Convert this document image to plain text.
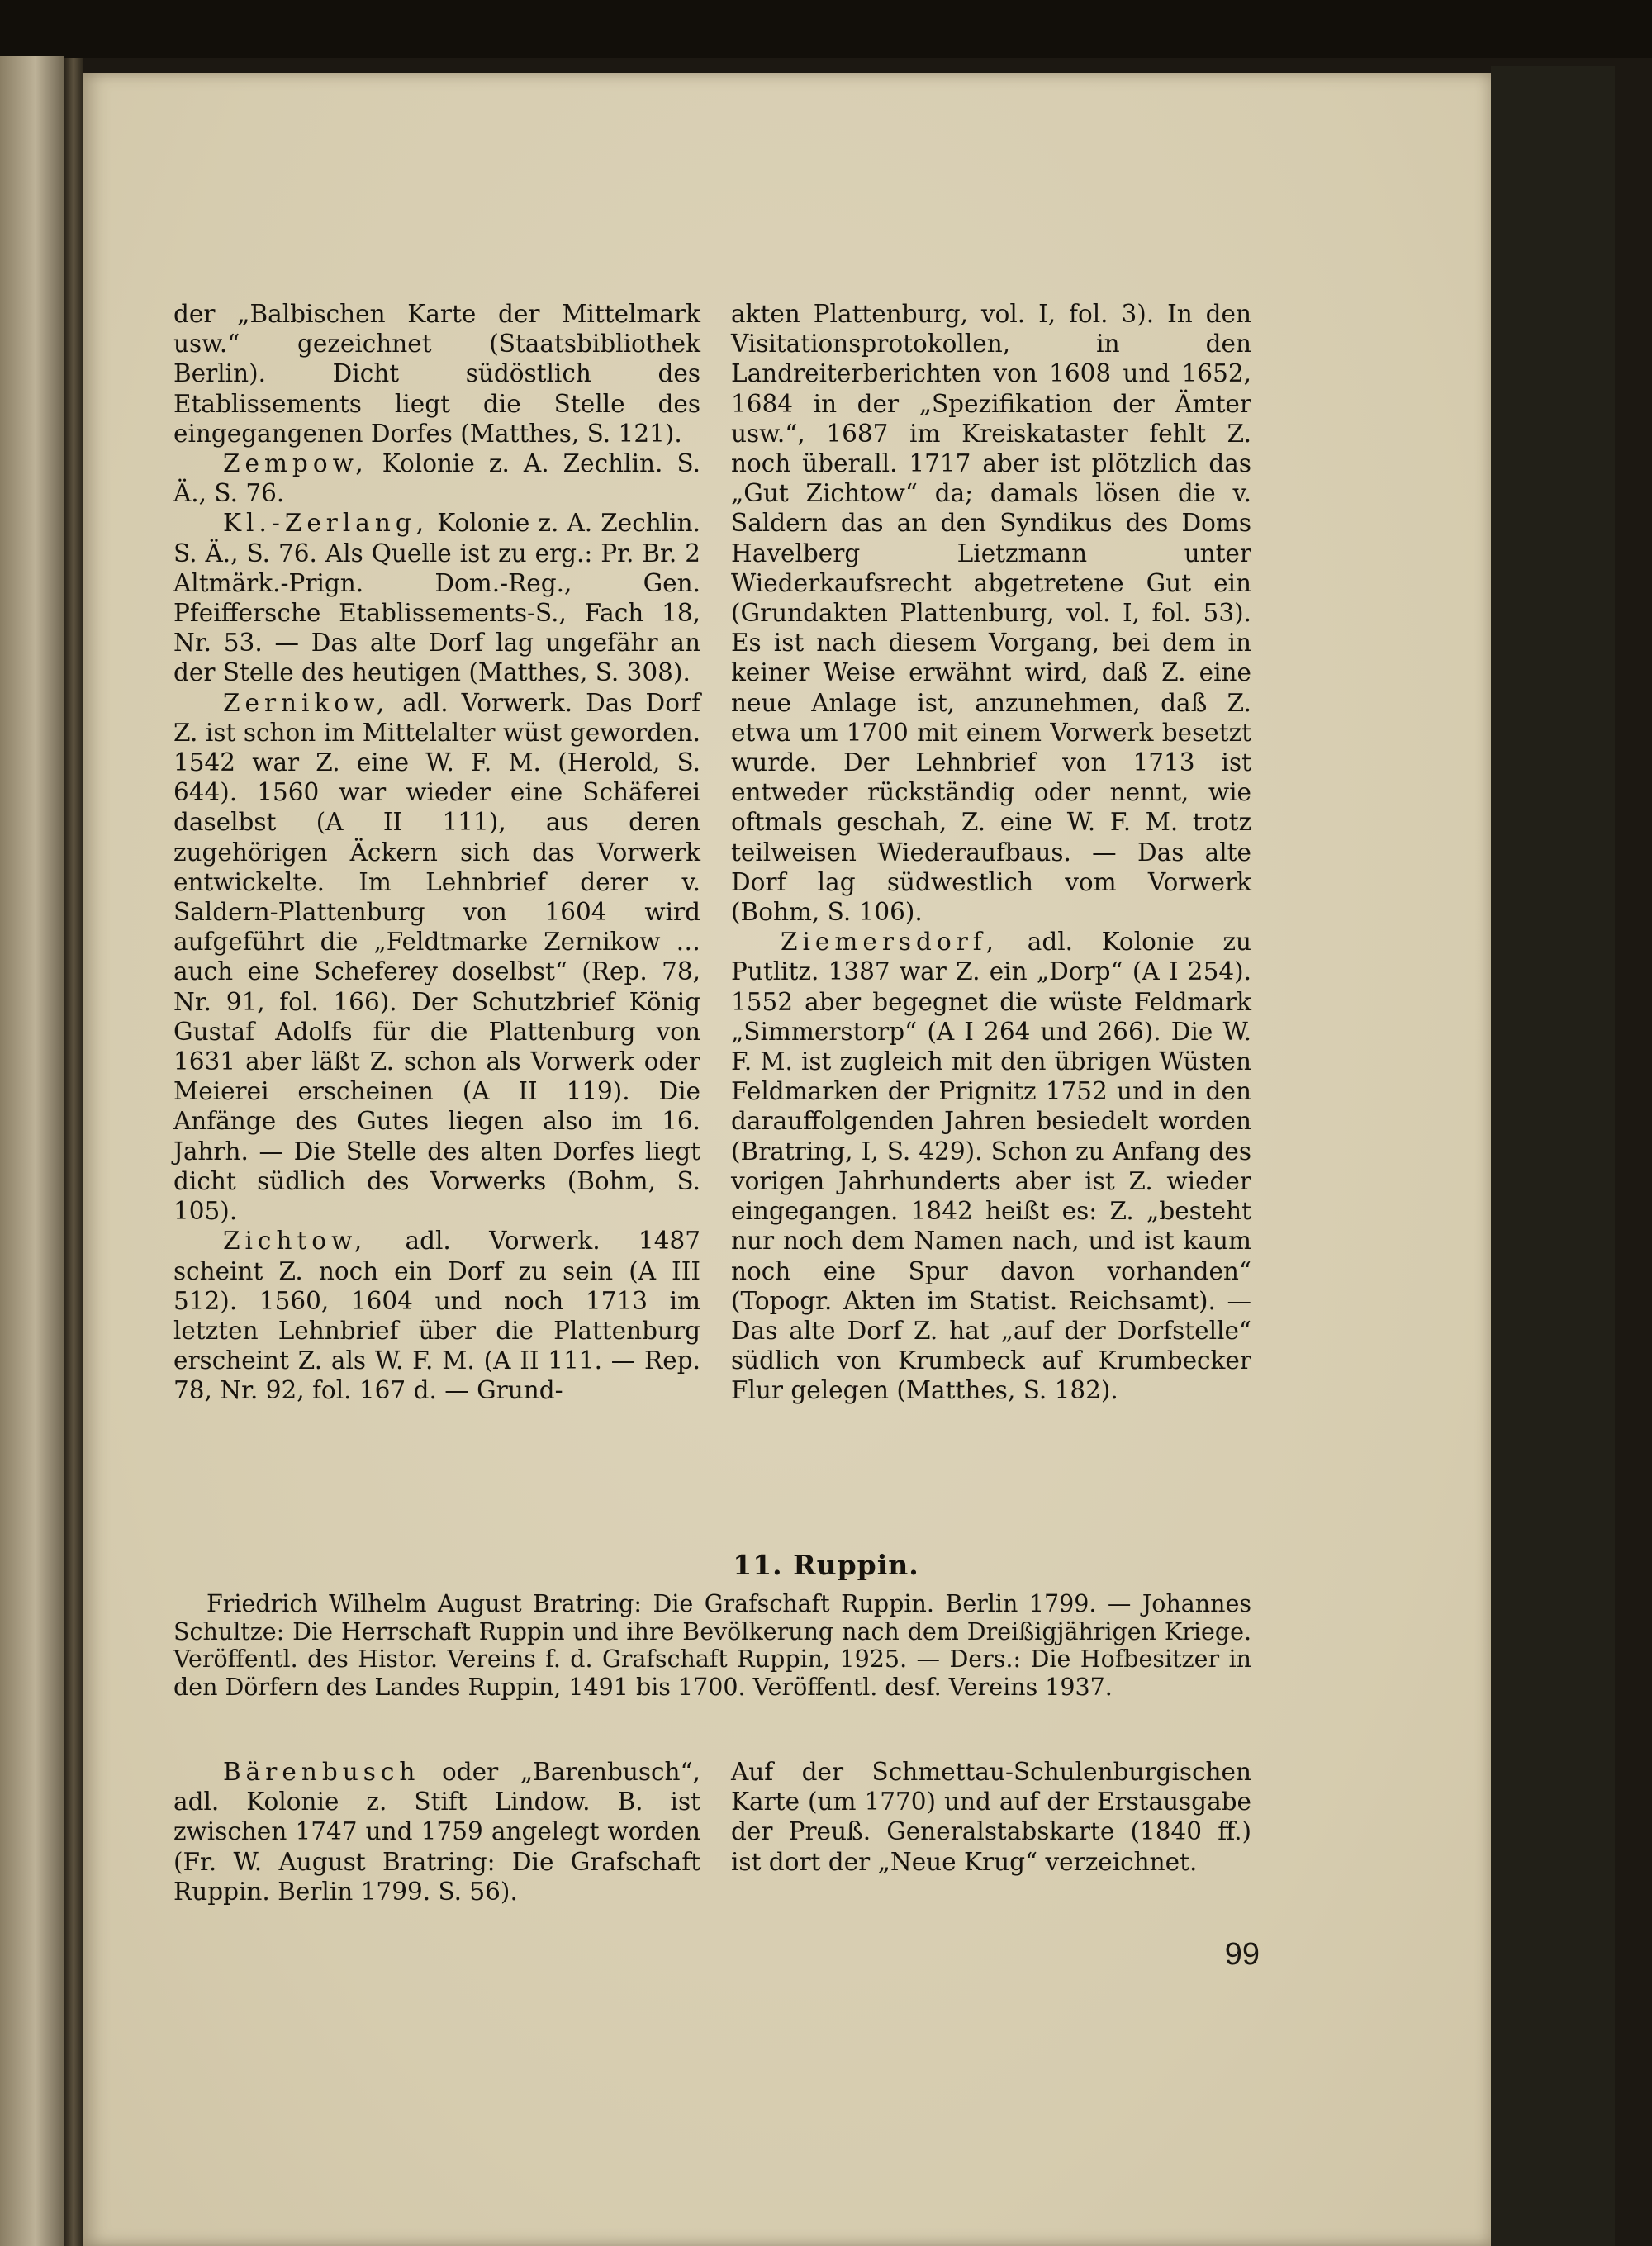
der „Balbischen Karte der Mittelmark usw.“ gezeichnet (Staatsbibliothek Berlin). Dicht südöstlich des Etablissements liegt die Stelle des eingegangenen Dorfes (Matthes, S. 121).

Zempow, Kolonie z. A. Zechlin. S. Ä., S. 76.

Kl.-Zerlang, Kolonie z. A. Zechlin. S. Ä., S. 76. Als Quelle ist zu erg.: Pr. Br. 2 Altmärk.-Prign. Dom.-Reg., Gen. Pfeiffersche Etablissements-S., Fach 18, Nr. 53. — Das alte Dorf lag ungefähr an der Stelle des heutigen (Matthes, S. 308).

Zernikow, adl. Vorwerk. Das Dorf Z. ist schon im Mittelalter wüst geworden. 1542 war Z. eine W. F. M. (Herold, S. 644). 1560 war wieder eine Schäferei daselbst (A II 111), aus deren zugehörigen Äckern sich das Vorwerk entwickelte. Im Lehnbrief derer v. Saldern-Plattenburg von 1604 wird aufgeführt die „Feldtmarke Zernikow … auch eine Scheferey doselbst“ (Rep. 78, Nr. 91, fol. 166). Der Schutzbrief König Gustaf Adolfs für die Plattenburg von 1631 aber läßt Z. schon als Vorwerk oder Meierei erscheinen (A II 119). Die Anfänge des Gutes liegen also im 16. Jahrh. — Die Stelle des alten Dorfes liegt dicht südlich des Vorwerks (Bohm, S. 105).

Zichtow, adl. Vorwerk. 1487 scheint Z. noch ein Dorf zu sein (A III 512). 1560, 1604 und noch 1713 im letzten Lehnbrief über die Plattenburg erscheint Z. als W. F. M. (A II 111. — Rep. 78, Nr. 92, fol. 167 d. — Grund-

akten Plattenburg, vol. I, fol. 3). In den Visitationsprotokollen, in den Landreiterberichten von 1608 und 1652, 1684 in der „Spezifikation der Ämter usw.“, 1687 im Kreiskataster fehlt Z. noch überall. 1717 aber ist plötzlich das „Gut Zichtow“ da; damals lösen die v. Saldern das an den Syndikus des Doms Havelberg Lietzmann unter Wiederkaufsrecht abgetretene Gut ein (Grundakten Plattenburg, vol. I, fol. 53). Es ist nach diesem Vorgang, bei dem in keiner Weise erwähnt wird, daß Z. eine neue Anlage ist, anzunehmen, daß Z. etwa um 1700 mit einem Vorwerk besetzt wurde. Der Lehnbrief von 1713 ist entweder rückständig oder nennt, wie oftmals geschah, Z. eine W. F. M. trotz teilweisen Wiederaufbaus. — Das alte Dorf lag südwestlich vom Vorwerk (Bohm, S. 106).

Ziemersdorf, adl. Kolonie zu Putlitz. 1387 war Z. ein „Dorp“ (A I 254). 1552 aber begegnet die wüste Feldmark „Simmerstorp“ (A I 264 und 266). Die W. F. M. ist zugleich mit den übrigen Wüsten Feldmarken der Prignitz 1752 und in den darauffolgenden Jahren besiedelt worden (Bratring, I, S. 429). Schon zu Anfang des vorigen Jahrhunderts aber ist Z. wieder eingegangen. 1842 heißt es: Z. „besteht nur noch dem Namen nach, und ist kaum noch eine Spur davon vorhanden“ (Topogr. Akten im Statist. Reichsamt). — Das alte Dorf Z. hat „auf der Dorfstelle“ südlich von Krumbeck auf Krumbecker Flur gelegen (Matthes, S. 182).

11. Ruppin.

Friedrich Wilhelm August Bratring: Die Grafschaft Ruppin. Berlin 1799. — Johannes Schultze: Die Herrschaft Ruppin und ihre Bevölkerung nach dem Dreißigjährigen Kriege. Veröffentl. des Histor. Vereins f. d. Grafschaft Ruppin, 1925. — Ders.: Die Hofbesitzer in den Dörfern des Landes Ruppin, 1491 bis 1700. Veröffentl. desf. Vereins 1937.

Bärenbusch oder „Barenbusch“, adl. Kolonie z. Stift Lindow. B. ist zwischen 1747 und 1759 angelegt worden (Fr. W. August Bratring: Die Grafschaft Ruppin. Berlin 1799. S. 56).

Auf der Schmettau-Schulenburgischen Karte (um 1770) und auf der Erstausgabe der Preuß. Generalstabskarte (1840 ff.) ist dort der „Neue Krug“ verzeichnet.

99
